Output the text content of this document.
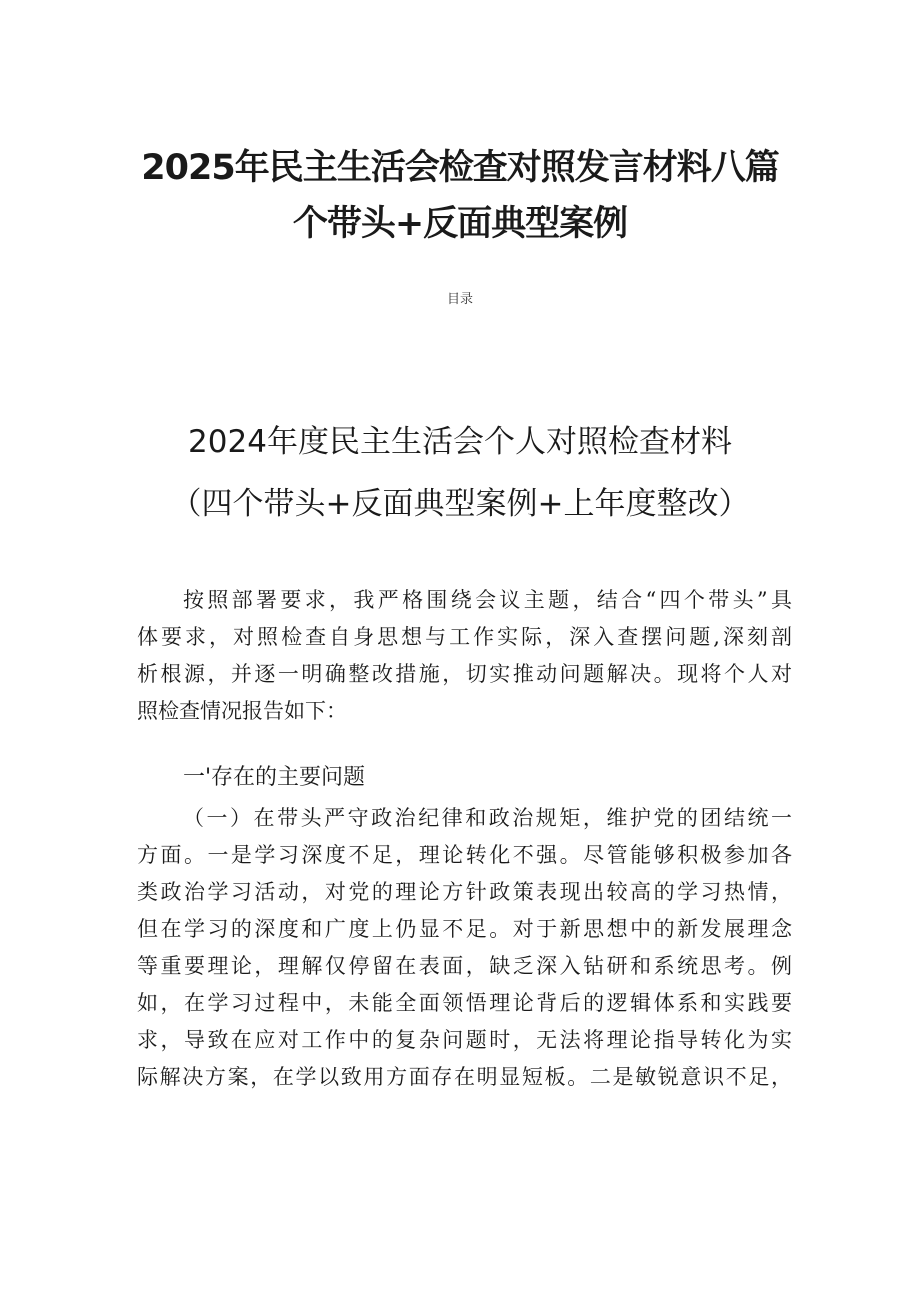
2025年民主生活会检查对照发言材料八篇
个带头+反面典型案例
目录
2024年度民主生活会个人对照检查材料
（四个带头+反面典型案例+上年度整改）
按照部署要求，我严格围绕会议主题，结合“四个带头”具
体要求，对照检查自身思想与工作实际，深入查摆问题,深刻剖
析根源，并逐一明确整改措施，切实推动问题解决。现将个人对
照检查情况报告如下：
一'存在的主要问题
（一）在带头严守政治纪律和政治规矩，维护党的团结统一
方面。一是学习深度不足，理论转化不强。尽管能够积极参加各
类政治学习活动，对党的理论方针政策表现出较高的学习热情，
但在学习的深度和广度上仍显不足。对于新思想中的新发展理念
等重要理论，理解仅停留在表面，缺乏深入钻研和系统思考。例
如，在学习过程中，未能全面领悟理论背后的逻辑体系和实践要
求，导致在应对工作中的复杂问题时，无法将理论指导转化为实
际解决方案，在学以致用方面存在明显短板。二是敏锐意识不足，
